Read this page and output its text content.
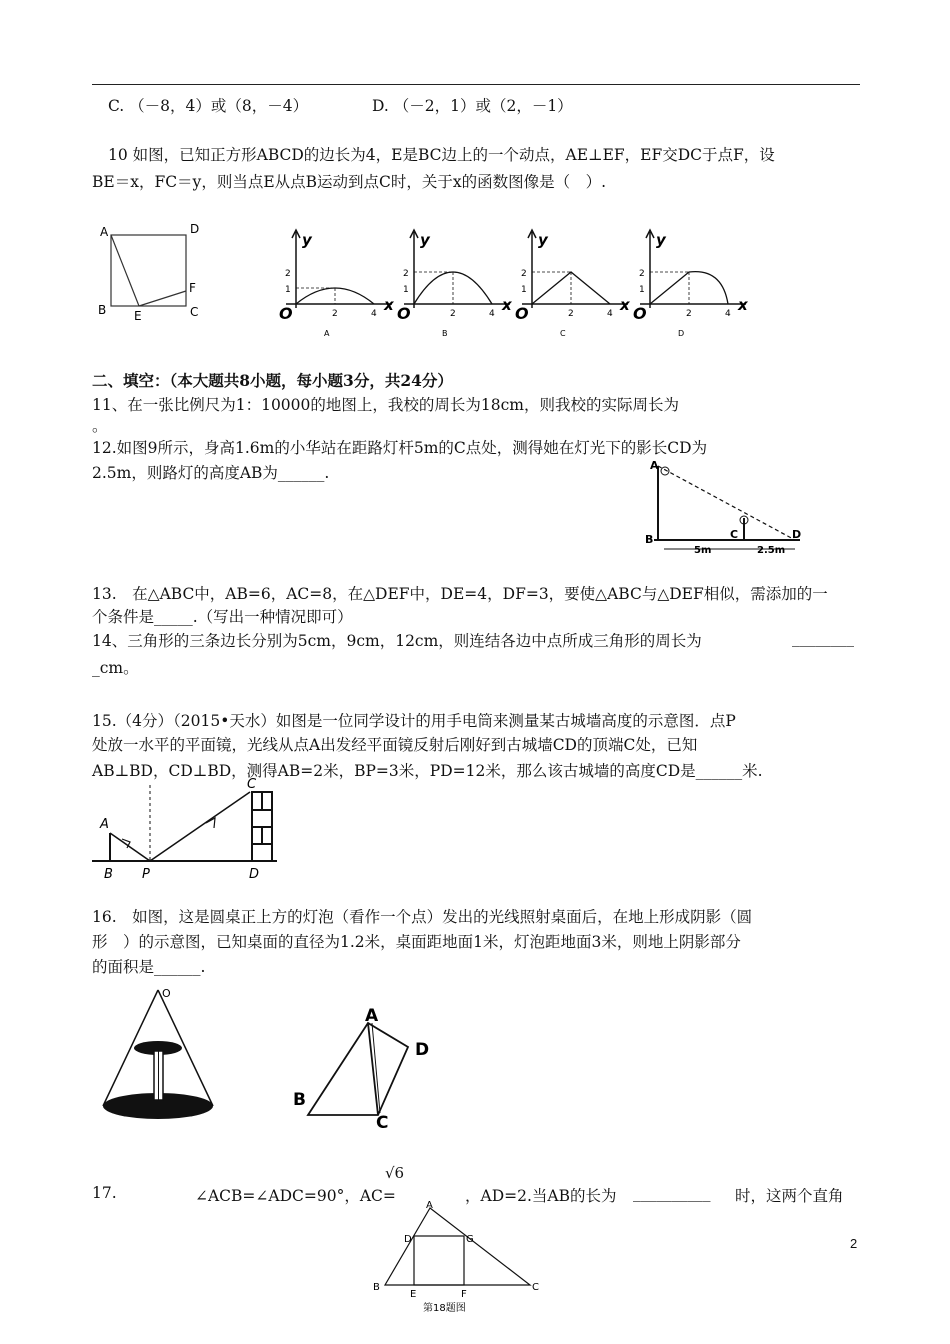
C. （－8，4）或（8，－4）	D. （－2，1）或（2，－1）
10 如图，已知正方形ABCD的边长为4，E是BC边上的一个动点，AE⊥EF，EF交DC于点F，设
BE＝x，FC＝y，则当点E从点B运动到点C时，关于x的函数图像是（　）.
A	D
B E
F
C
y
x
O
1
2
2	4
A
y
x
O
1
2
2	4
B
y
x
O
1
2
2	4
C
y
x
O
1
2
2	4
D
二、填空：（本大题共8小题，每小题3分，共24分）
11、在一张比例尺为1：10000的地图上，我校的周长为18cm，则我校的实际周长为
。
12.如图9所示，身高1.6m的小华站在距路灯杆5m的C点处，测得她在灯光下的影长CD为
2.5m，则路灯的高度AB为______.	A
B	C	D
5m	2.5m
13.　在△ABC中，AB=6，AC=8，在△DEF中，DE=4，DF=3，要使△ABC与△DEF相似，需添加的一
个条件是_____.（写出一种情况即可）
14、三角形的三条边长分别为5cm，9cm，12cm，则连结各边中点所成三角形的周长为	________
_cm。
15.（4分）（2015•天水）如图是一位同学设计的用手电筒来测量某古城墙高度的示意图．点P
处放一水平的平面镜，光线从点A出发经平面镜反射后刚好到古城墙CD的顶端C处，已知
AB⊥BD，CD⊥BD，测得AB=2米，BP=3米，PD=12米，那么该古城墙的高度CD是______米.
A
B P
C
D
16.　如图，这是圆桌正上方的灯泡（看作一个点）发出的光线照射桌面后，在地上形成阴影（圆
形　）的示意图，已知桌面的直径为1.2米，桌面距地面1米，灯泡距地面3米，则地上阴影部分
的面积是______.
O
A
B
C
D
17.	∠ACB=∠ADC=90°，AC=
√6
，AD=2.当AB的长为 __________ 时，这两个直角
A
B	C
D	G
E	F
第18题图
2
